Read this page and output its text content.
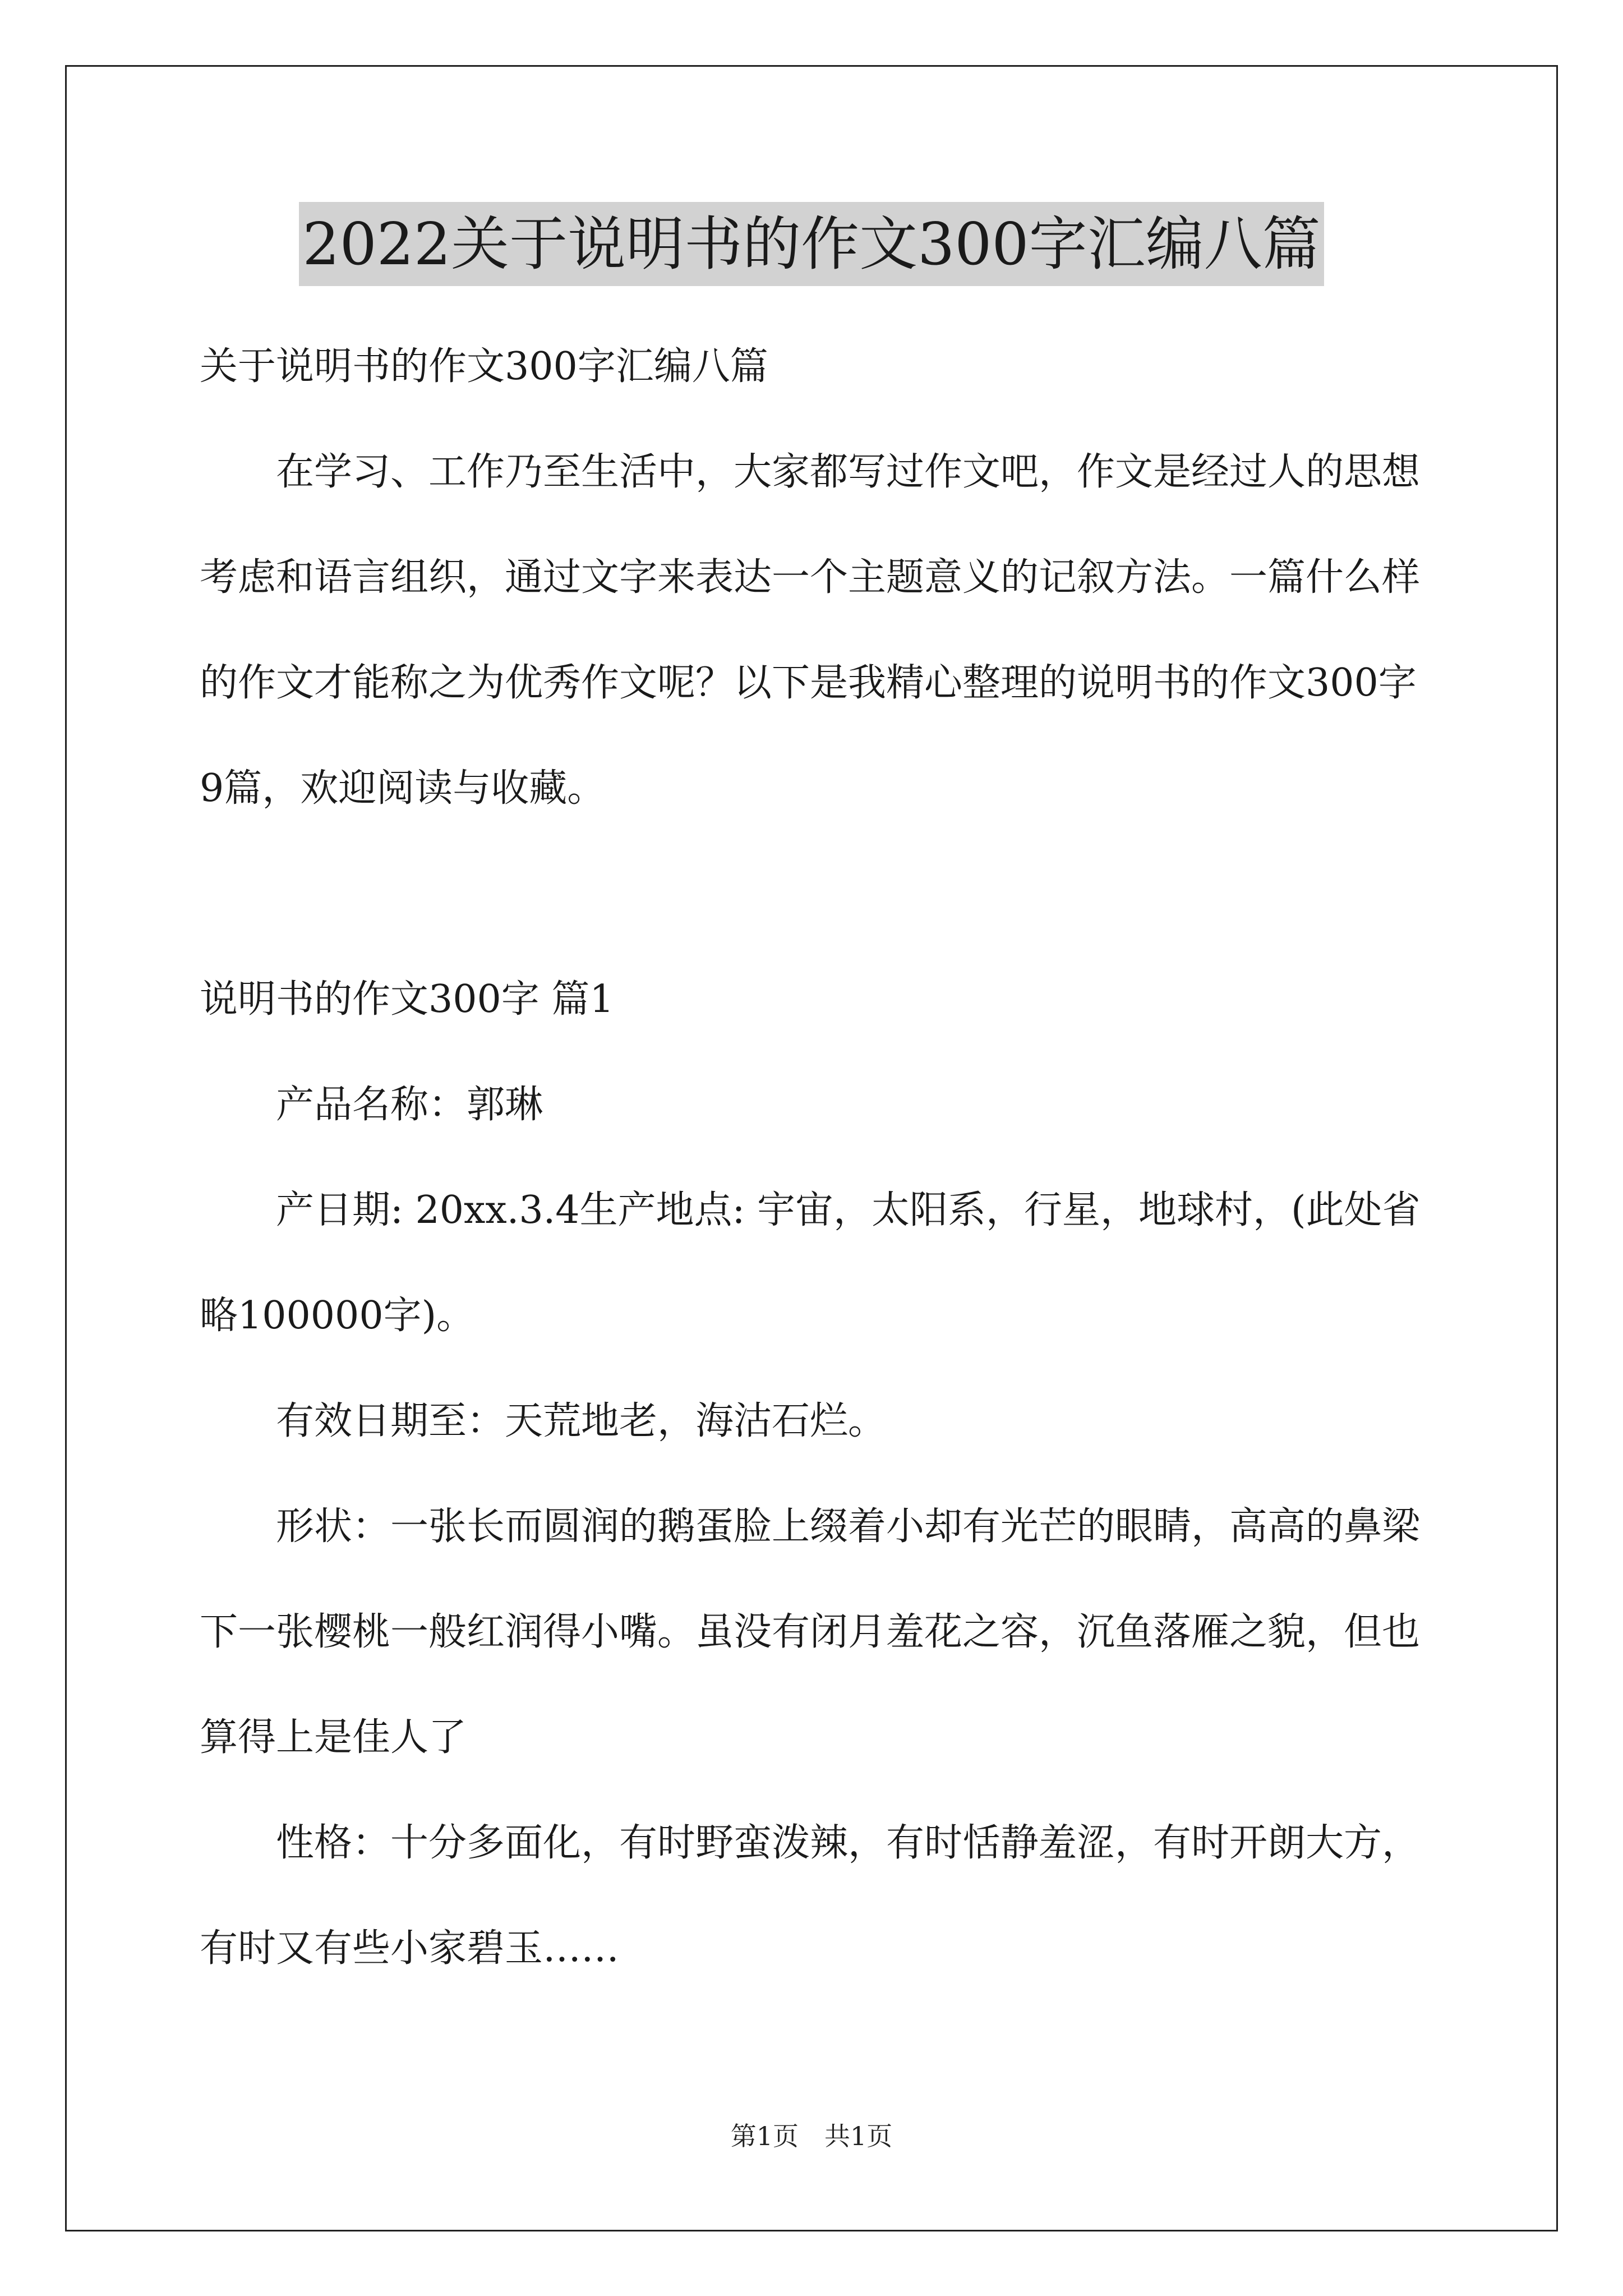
2022关于说明书的作文300字汇编八篇

关于说明书的作文300字汇编八篇

在学习、工作乃至生活中，大家都写过作文吧，作文是经过人的思想考虑和语言组织，通过文字来表达一个主题意义的记叙方法。一篇什么样的作文才能称之为优秀作文呢？以下是我精心整理的说明书的作文300字9篇，欢迎阅读与收藏。

说明书的作文300字 篇1

产品名称：郭琳

产日期: 20xx.3.4生产地点: 宇宙，太阳系，行星，地球村，(此处省略100000字)。

有效日期至：天荒地老，海沽石烂。

形状：一张长而圆润的鹅蛋脸上缀着小却有光芒的眼睛，高高的鼻梁下一张樱桃一般红润得小嘴。虽没有闭月羞花之容，沉鱼落雁之貌，但也算得上是佳人了

性格：十分多面化，有时野蛮泼辣，有时恬静羞涩，有时开朗大方，有时又有些小家碧玉……

第1页　共1页
